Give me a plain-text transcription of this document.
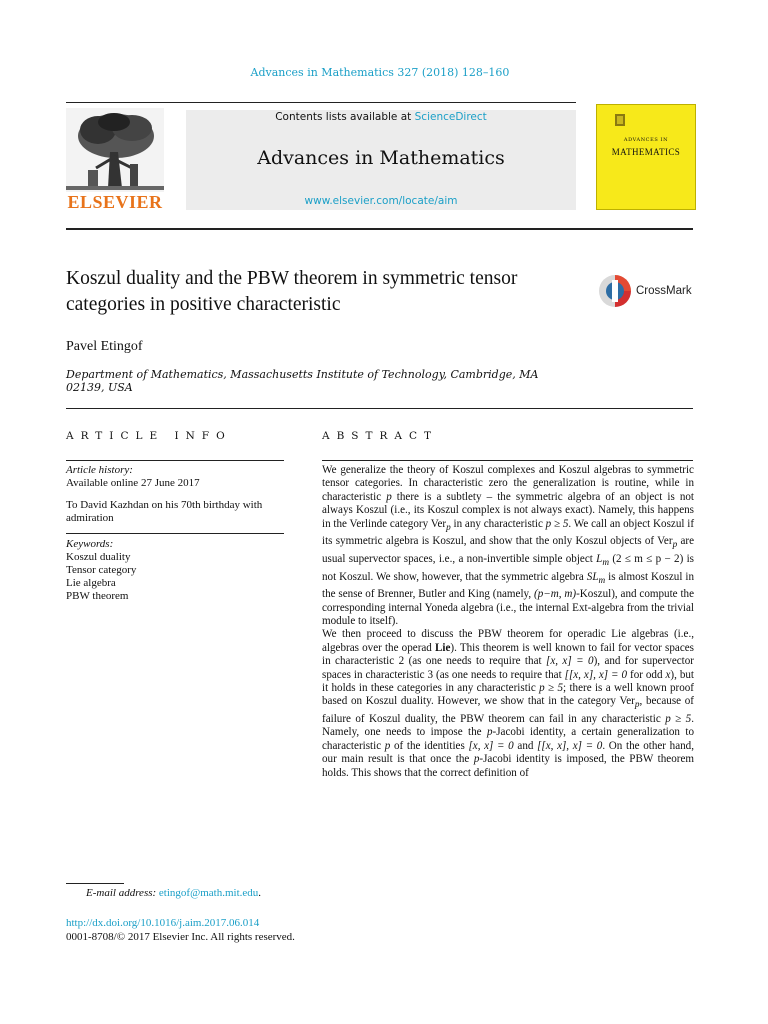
Advances in Mathematics 327 (2018) 128–160
ELSEVIER
Contents lists available at ScienceDirect
Advances in Mathematics
www.elsevier.com/locate/aim
ADVANCES IN
MATHEMATICS
Koszul duality and the PBW theorem in symmetric tensor categories in positive characteristic
CrossMark
Pavel Etingof
Department of Mathematics, Massachusetts Institute of Technology, Cambridge, MA 02139, USA
ARTICLE INFO	ABSTRACT
Article history:
Available online 27 June 2017
To David Kazhdan on his 70th birthday with admiration
Keywords:
Koszul duality
Tensor category
Lie algebra
PBW theorem

We generalize the theory of Koszul complexes and Koszul algebras to symmetric tensor categories. In characteristic zero the generalization is routine, while in characteristic p there is a subtlety – the symmetric algebra of an object is not always Koszul (i.e., its Koszul complex is not always exact). Namely, this happens in the Verlinde category Ver$_p$ in any characteristic p ≥ 5. We call an object Koszul if its symmetric algebra is Koszul, and show that the only Koszul objects of Ver$_p$ are usual supervector spaces, i.e., a non-invertible simple object $L_m$ (2 ≤ m ≤ p − 2) is not Koszul. We show, however, that the symmetric algebra $SL_m$ is almost Koszul in the sense of Brenner, Butler and King (namely, (p−m, m)-Koszul), and compute the corresponding internal Yoneda algebra (i.e., the internal Ext-algebra from the trivial module to itself).

We then proceed to discuss the PBW theorem for operadic Lie algebras (i.e., algebras over the operad Lie). This theorem is well known to fail for vector spaces in characteristic 2 (as one needs to require that [x, x] = 0), and for supervector spaces in characteristic 3 (as one needs to require that [[x, x], x] = 0 for odd x), but it holds in these categories in any characteristic p ≥ 5; there is a well known proof based on Koszul duality. However, we show that in the category Ver$_p$, because of failure of Koszul duality, the PBW theorem can fail in any characteristic p ≥ 5. Namely, one needs to impose the p-Jacobi identity, a certain generalization to characteristic p of the identities [x, x] = 0 and [[x, x], x] = 0. On the other hand, our main result is that once the p-Jacobi identity is imposed, the PBW theorem holds. This shows that the correct definition of

E-mail address: etingof@math.mit.edu.
http://dx.doi.org/10.1016/j.aim.2017.06.014
0001-8708/© 2017 Elsevier Inc. All rights reserved.
